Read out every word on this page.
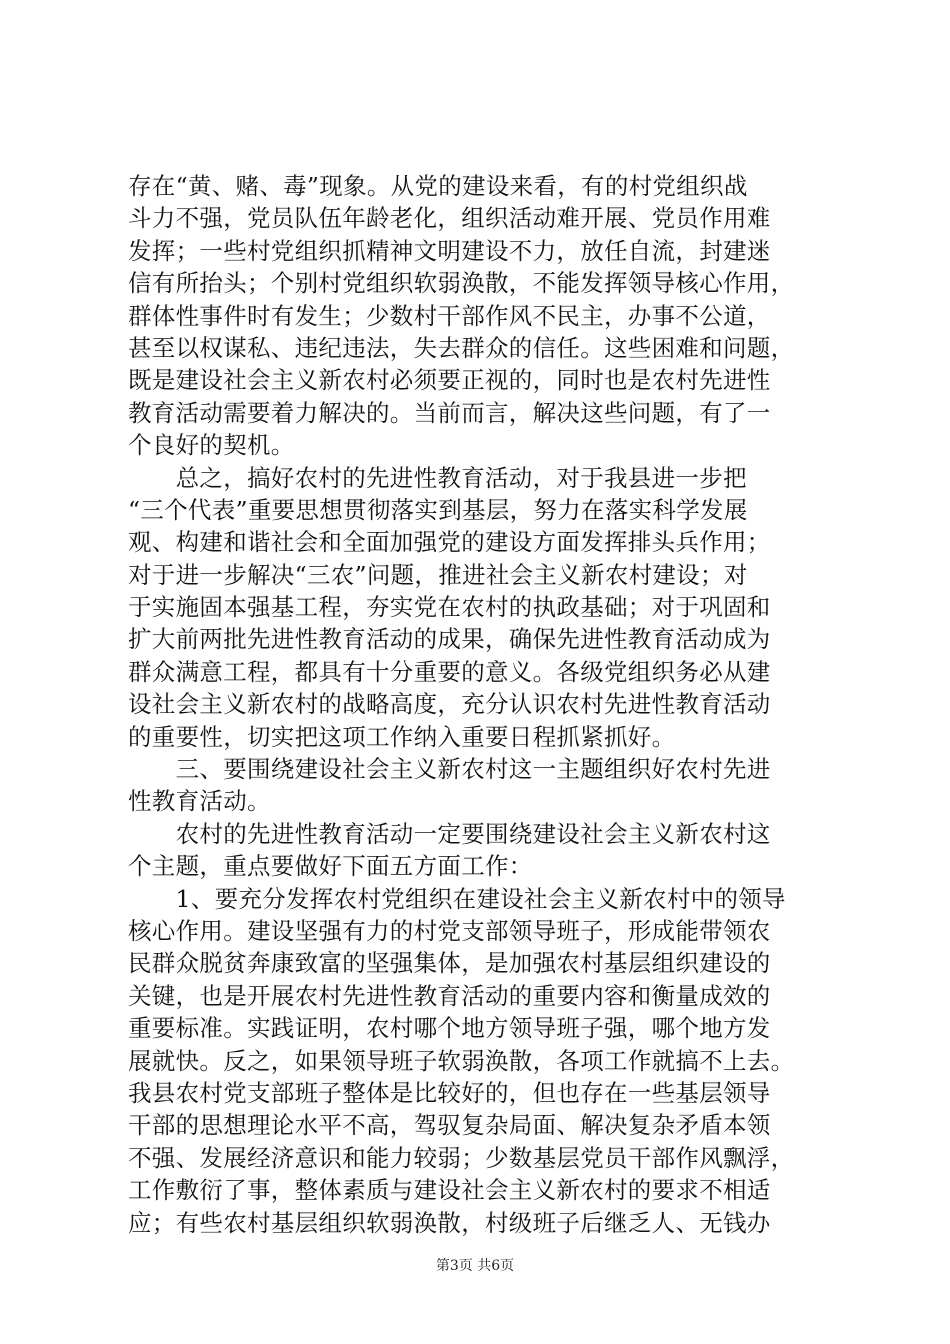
存在“黄、赌、毒”现象。从党的建设来看，有的村党组织战
斗力不强，党员队伍年龄老化，组织活动难开展、党员作用难
发挥；一些村党组织抓精神文明建设不力，放任自流，封建迷
信有所抬头；个别村党组织软弱涣散，不能发挥领导核心作用，
群体性事件时有发生；少数村干部作风不民主，办事不公道，
甚至以权谋私、违纪违法，失去群众的信任。这些困难和问题，
既是建设社会主义新农村必须要正视的，同时也是农村先进性
教育活动需要着力解决的。当前而言，解决这些问题，有了一
个良好的契机。
　　总之，搞好农村的先进性教育活动，对于我县进一步把
“三个代表”重要思想贯彻落实到基层，努力在落实科学发展
观、构建和谐社会和全面加强党的建设方面发挥排头兵作用；
对于进一步解决“三农”问题，推进社会主义新农村建设；对
于实施固本强基工程，夯实党在农村的执政基础；对于巩固和
扩大前两批先进性教育活动的成果，确保先进性教育活动成为
群众满意工程，都具有十分重要的意义。各级党组织务必从建
设社会主义新农村的战略高度，充分认识农村先进性教育活动
的重要性，切实把这项工作纳入重要日程抓紧抓好。
　　三、要围绕建设社会主义新农村这一主题组织好农村先进
性教育活动。
　　农村的先进性教育活动一定要围绕建设社会主义新农村这
个主题，重点要做好下面五方面工作：
　　1、要充分发挥农村党组织在建设社会主义新农村中的领导
核心作用。建设坚强有力的村党支部领导班子，形成能带领农
民群众脱贫奔康致富的坚强集体，是加强农村基层组织建设的
关键，也是开展农村先进性教育活动的重要内容和衡量成效的
重要标准。实践证明，农村哪个地方领导班子强，哪个地方发
展就快。反之，如果领导班子软弱涣散，各项工作就搞不上去。
我县农村党支部班子整体是比较好的，但也存在一些基层领导
干部的思想理论水平不高，驾驭复杂局面、解决复杂矛盾本领
不强、发展经济意识和能力较弱；少数基层党员干部作风飘浮，
工作敷衍了事，整体素质与建设社会主义新农村的要求不相适
应；有些农村基层组织软弱涣散，村级班子后继乏人、无钱办
第3页 共6页
